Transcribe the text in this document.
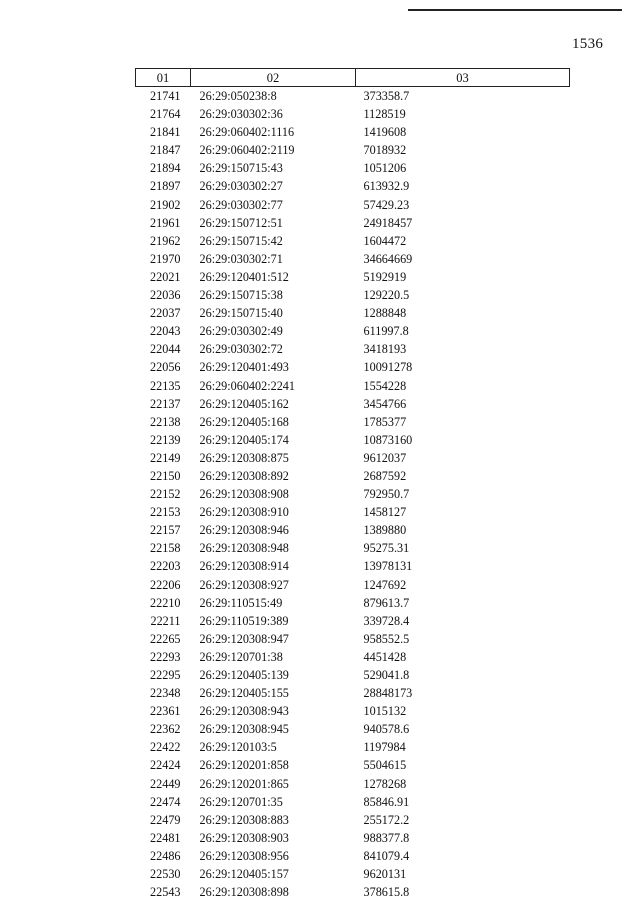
1536
01	02	03
21741	26:29:050238:8	373358.7
21764	26:29:030302:36	1128519
21841	26:29:060402:1116	1419608
21847	26:29:060402:2119	7018932
21894	26:29:150715:43	1051206
21897	26:29:030302:27	613932.9
21902	26:29:030302:77	57429.23
21961	26:29:150712:51	24918457
21962	26:29:150715:42	1604472
21970	26:29:030302:71	34664669
22021	26:29:120401:512	5192919
22036	26:29:150715:38	129220.5
22037	26:29:150715:40	1288848
22043	26:29:030302:49	611997.8
22044	26:29:030302:72	3418193
22056	26:29:120401:493	10091278
22135	26:29:060402:2241	1554228
22137	26:29:120405:162	3454766
22138	26:29:120405:168	1785377
22139	26:29:120405:174	10873160
22149	26:29:120308:875	9612037
22150	26:29:120308:892	2687592
22152	26:29:120308:908	792950.7
22153	26:29:120308:910	1458127
22157	26:29:120308:946	1389880
22158	26:29:120308:948	95275.31
22203	26:29:120308:914	13978131
22206	26:29:120308:927	1247692
22210	26:29:110515:49	879613.7
22211	26:29:110519:389	339728.4
22265	26:29:120308:947	958552.5
22293	26:29:120701:38	4451428
22295	26:29:120405:139	529041.8
22348	26:29:120405:155	28848173
22361	26:29:120308:943	1015132
22362	26:29:120308:945	940578.6
22422	26:29:120103:5	1197984
22424	26:29:120201:858	5504615
22449	26:29:120201:865	1278268
22474	26:29:120701:35	85846.91
22479	26:29:120308:883	255172.2
22481	26:29:120308:903	988377.8
22486	26:29:120308:956	841079.4
22530	26:29:120405:157	9620131
22543	26:29:120308:898	378615.8
